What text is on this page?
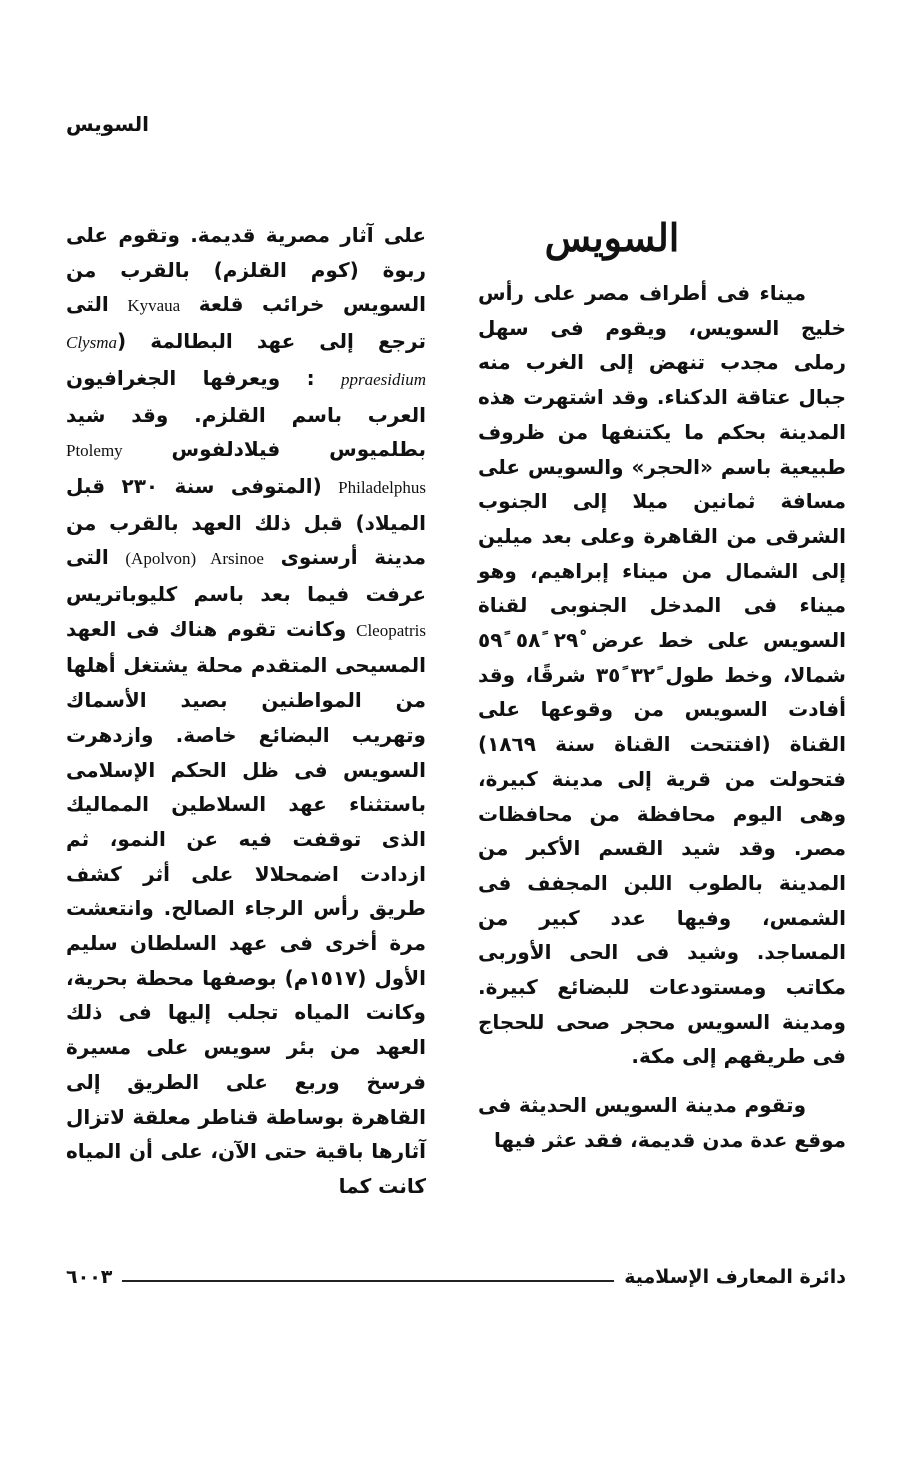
السويس
السويس

ميناء فى أطراف مصر على رأس خليج السويس، ويقوم فى سهل رملى مجدب تنهض إلى الغرب منه جبال عتاقة الدكناء. وقد اشتهرت هذه المدينة بحكم ما يكتنفها من ظروف طبيعية باسم «الحجر» والسويس على مسافة ثمانين ميلا إلى الجنوب الشرقى من القاهرة وعلى بعد ميلين إلى الشمال من ميناء إبراهيم، وهو ميناء فى المدخل الجنوبى لقناة السويس على خط عرض ٢٩ْ ٥٨ً ٥٩ً شمالا، وخط طول ٣٢ً ٣٥ً شرقًا، وقد أفادت السويس من وقوعها على القناة (افتتحت القناة سنة ١٨٦٩) فتحولت من قرية إلى مدينة كبيرة، وهى اليوم محافظة من محافظات مصر. وقد شيد القسم الأكبر من المدينة بالطوب اللبن المجفف فى الشمس، وفيها عدد كبير من المساجد. وشيد فى الحى الأوربى مكاتب ومستودعات للبضائع كبيرة. ومدينة السويس محجر صحى للحجاج فى طريقهم إلى مكة.

وتقوم مدينة السويس الحديثة فى موقع عدة مدن قديمة، فقد عثر فيها

على آثار مصرية قديمة. وتقوم على ربوة (كوم القلزم) بالقرب من السويس خرائب قلعة Kyvaua التى ترجع إلى عهد البطالمة (Clysma ppraesidium : ويعرفها الجغرافيون العرب باسم القلزم. وقد شيد بطلميوس فيلادلفوس Ptolemy Philadelphus (المتوفى سنة ٢٣٠ قبل الميلاد) قبل ذلك العهد بالقرب من مدينة أرسنوى (Apolvon) Arsinoe التى عرفت فيما بعد باسم كليوباتريس Cleopatris وكانت تقوم هناك فى العهد المسيحى المتقدم محلة يشتغل أهلها من المواطنين بصيد الأسماك وتهريب البضائع خاصة. وازدهرت السويس فى ظل الحكم الإسلامى باستثناء عهد السلاطين المماليك الذى توقفت فيه عن النمو، ثم ازدادت اضمحلالا على أثر كشف طريق رأس الرجاء الصالح. وانتعشت مرة أخرى فى عهد السلطان سليم الأول (١٥١٧م) بوصفها محطة بحرية، وكانت المياه تجلب إليها فى ذلك العهد من بئر سويس على مسيرة فرسخ وربع على الطريق إلى القاهرة بوساطة قناطر معلقة لاتزال آثارها باقية حتى الآن، على أن المياه كانت كما

دائرة المعارف الإسلامية
٦٠٠٣
